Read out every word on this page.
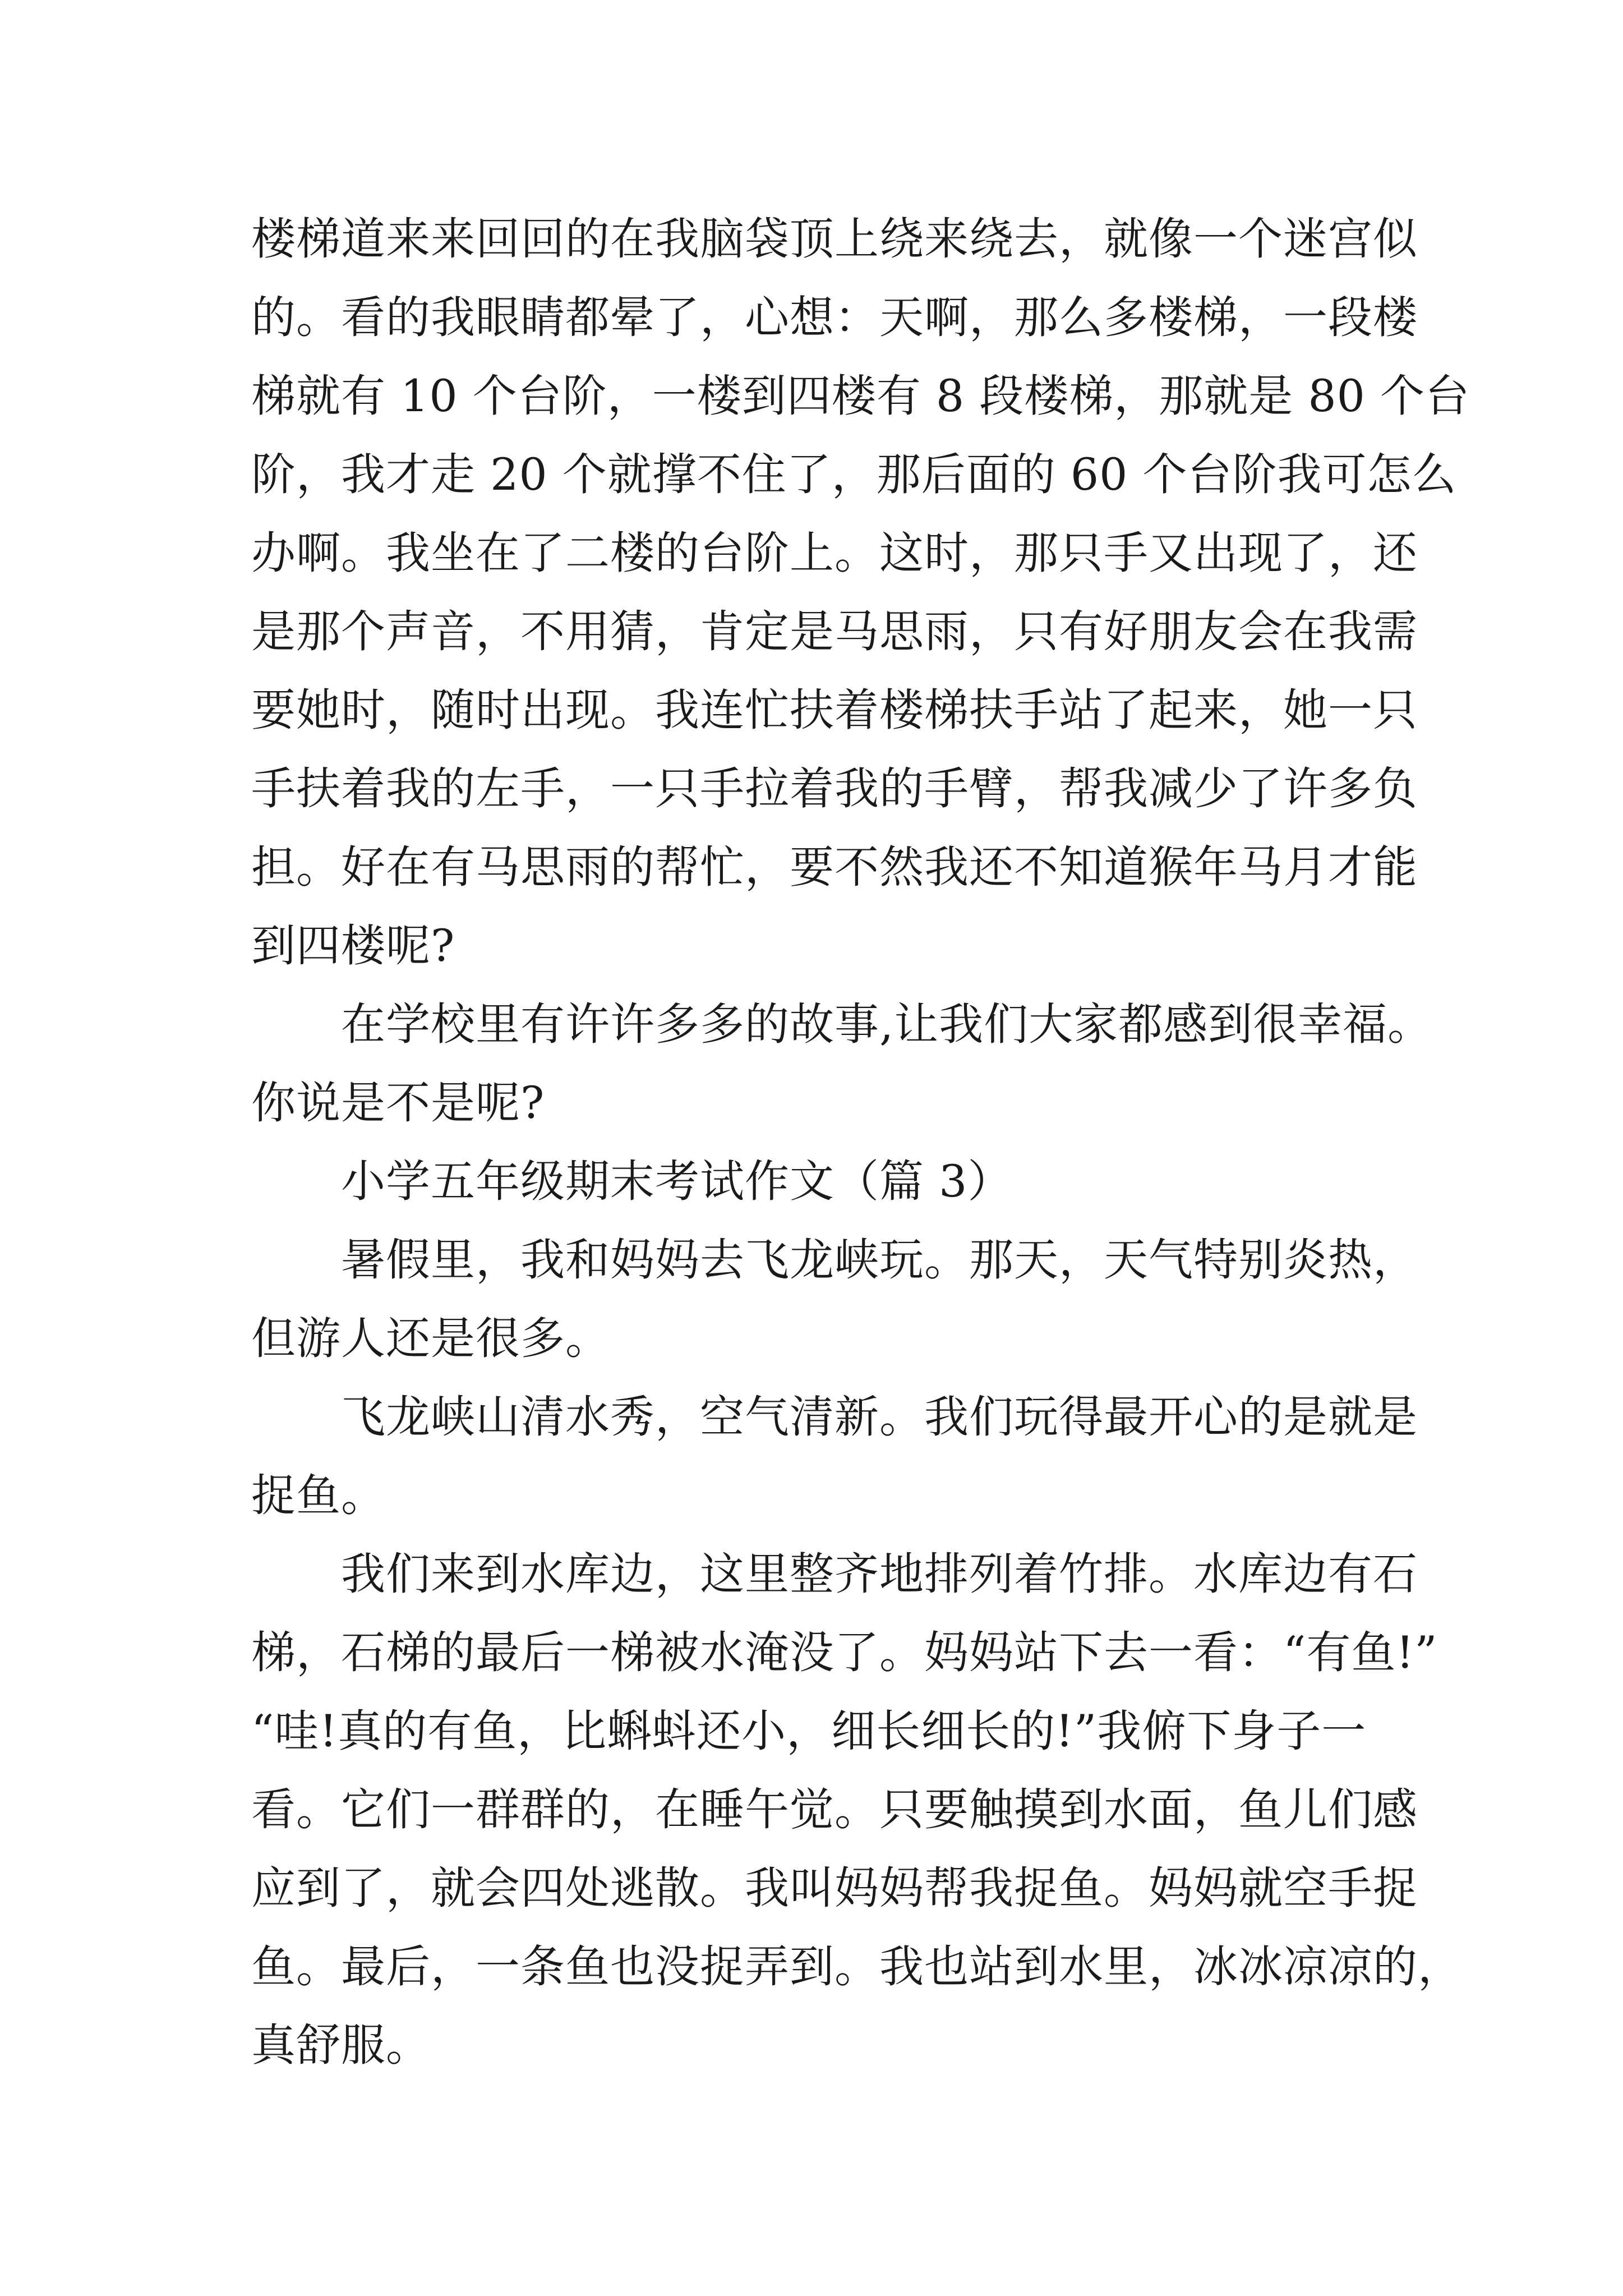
楼梯道来来回回的在我脑袋顶上绕来绕去，就像一个迷宫似
的。看的我眼睛都晕了，心想：天啊，那么多楼梯，一段楼
梯就有 10 个台阶，一楼到四楼有 8 段楼梯，那就是 80 个台
阶，我才走 20 个就撑不住了，那后面的 60 个台阶我可怎么
办啊。我坐在了二楼的台阶上。这时，那只手又出现了，还
是那个声音，不用猜，肯定是马思雨，只有好朋友会在我需
要她时，随时出现。我连忙扶着楼梯扶手站了起来，她一只
手扶着我的左手，一只手拉着我的手臂，帮我减少了许多负
担。好在有马思雨的帮忙，要不然我还不知道猴年马月才能
到四楼呢?
在学校里有许许多多的故事,让我们大家都感到很幸福。
你说是不是呢?
小学五年级期末考试作文（篇 3）
暑假里，我和妈妈去飞龙峡玩。那天，天气特别炎热，
但游人还是很多。
飞龙峡山清水秀，空气清新。我们玩得最开心的是就是
捉鱼。
我们来到水库边，这里整齐地排列着竹排。水库边有石
梯，石梯的最后一梯被水淹没了。妈妈站下去一看：“有鱼!”
“哇!真的有鱼，比蝌蚪还小，细长细长的!”我俯下身子一
看。它们一群群的，在睡午觉。只要触摸到水面，鱼儿们感
应到了，就会四处逃散。我叫妈妈帮我捉鱼。妈妈就空手捉
鱼。最后，一条鱼也没捉弄到。我也站到水里，冰冰凉凉的，
真舒服。
